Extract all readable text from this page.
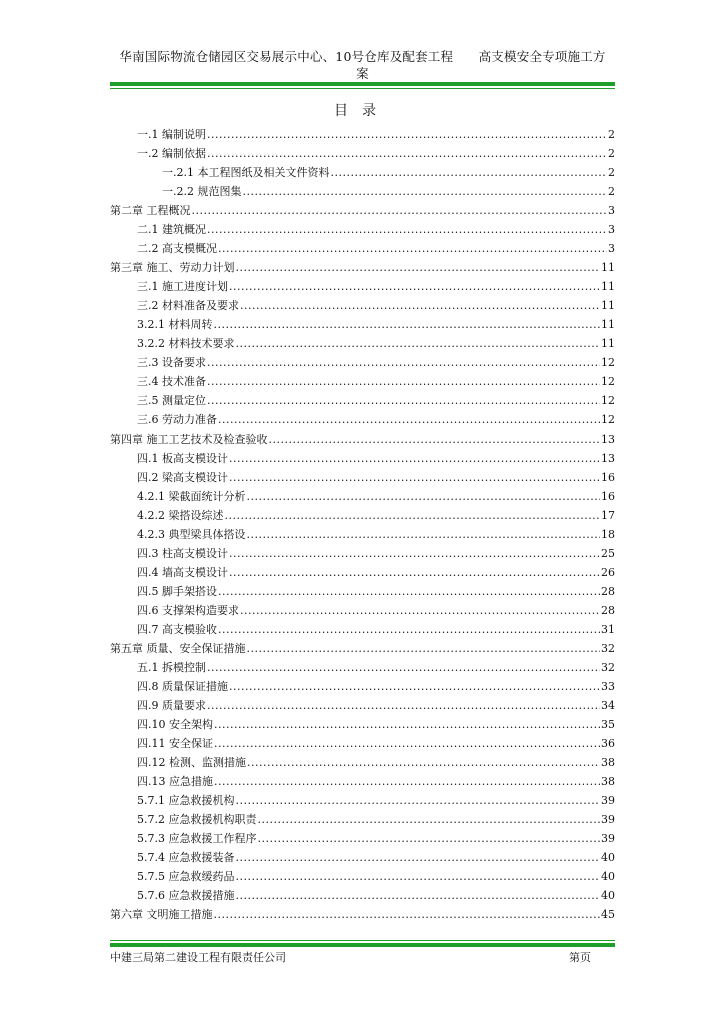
华南国际物流仓储园区交易展示中心、10号仓库及配套工程　　高支模安全专项施工方
案
目录
一.1 编制说明 .....	2
一.2 编制依据 .....	2
一.2.1 本工程图纸及相关文件资料 .....	2
一.2.2 规范图集 .....	2
第二章 工程概况 .....	3
二.1 建筑概况 .....	3
二.2 高支模概况 .....	3
第三章 施工、劳动力计划 .....	11
三.1 施工进度计划 .....	11
三.2 材料准备及要求 .....	11
3.2.1 材料周转 .....	11
3.2.2 材料技术要求 .....	11
三.3 设备要求 .....	12
三.4 技术准备 .....	12
三.5 测量定位 .....	12
三.6 劳动力准备 .....	12
第四章 施工工艺技术及检查验收 .....	13
四.1 板高支模设计 .....	13
四.2 梁高支模设计 .....	16
4.2.1 梁截面统计分析 .....	16
4.2.2 梁搭设综述 .....	17
4.2.3 典型梁具体搭设 .....	18
四.3 柱高支模设计 .....	25
四.4 墙高支模设计 .....	26
四.5 脚手架搭设 .....	28
四.6 支撑架构造要求 .....	28
四.7 高支模验收 .....	31
第五章 质量、安全保证措施 .....	32
五.1 拆模控制 .....	32
四.8 质量保证措施 .....	33
四.9 质量要求 .....	34
四.10 安全架构 .....	35
四.11 安全保证 .....	36
四.12 检测、监测措施 .....	38
四.13 应急措施 .....	38
5.7.1 应急救援机构 .....	39
5.7.2 应急救援机构职责 .....	39
5.7.3 应急救援工作程序 .....	39
5.7.4 应急救援装备 .....	40
5.7.5 应急救缓药品 .....	40
5.7.6 应急救援措施 .....	40
第六章 文明施工措施 .....	45
中建三局第二建设工程有限责任公司	第页
